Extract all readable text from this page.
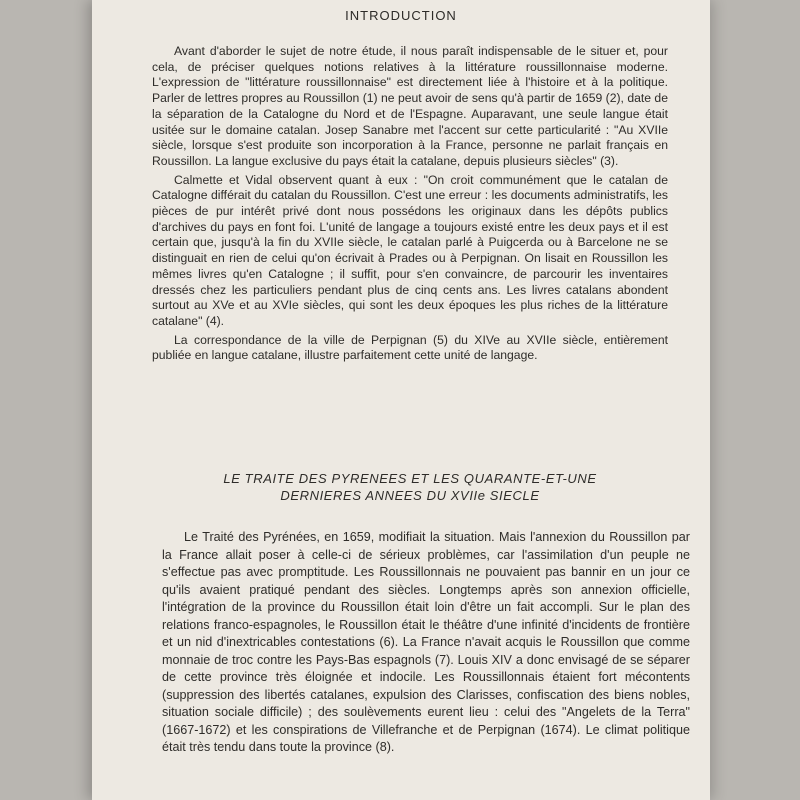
INTRODUCTION

Avant d'aborder le sujet de notre étude, il nous paraît indispensable de le situer et, pour cela, de préciser quelques notions relatives à la littérature roussillonnaise moderne. L'expression de "littérature roussillonnaise" est directement liée à l'histoire et à la politique. Parler de lettres propres au Roussillon (1) ne peut avoir de sens qu'à partir de 1659 (2), date de la séparation de la Catalogne du Nord et de l'Espagne. Auparavant, une seule langue était usitée sur le domaine catalan. Josep Sanabre met l'accent sur cette particularité : "Au XVIIe siècle, lorsque s'est produite son incorporation à la France, personne ne parlait français en Roussillon. La langue exclusive du pays était la catalane, depuis plusieurs siècles" (3).

Calmette et Vidal observent quant à eux : "On croit communément que le catalan de Catalogne différait du catalan du Roussillon. C'est une erreur : les documents administratifs, les pièces de pur intérêt privé dont nous possédons les originaux dans les dépôts publics d'archives du pays en font foi. L'unité de langage a toujours existé entre les deux pays et il est certain que, jusqu'à la fin du XVIIe siècle, le catalan parlé à Puigcerda ou à Barcelone ne se distinguait en rien de celui qu'on écrivait à Prades ou à Perpignan. On lisait en Roussillon les mêmes livres qu'en Catalogne ; il suffit, pour s'en convaincre, de parcourir les inventaires dressés chez les particuliers pendant plus de cinq cents ans. Les livres catalans abondent surtout au XVe et au XVIe siècles, qui sont les deux époques les plus riches de la littérature catalane" (4).

La correspondance de la ville de Perpignan (5) du XIVe au XVIIe siècle, entièrement publiée en langue catalane, illustre parfaitement cette unité de langage.

LE TRAITE DES PYRENEES ET LES QUARANTE-ET-UNE
DERNIERES ANNEES DU XVIIe SIECLE

Le Traité des Pyrénées, en 1659, modifiait la situation. Mais l'annexion du Roussillon par la France allait poser à celle-ci de sérieux problèmes, car l'assimilation d'un peuple ne s'effectue pas avec promptitude. Les Roussillonnais ne pouvaient pas bannir en un jour ce qu'ils avaient pratiqué pendant des siècles. Longtemps après son annexion officielle, l'intégration de la province du Roussillon était loin d'être un fait accompli. Sur le plan des relations franco-espagnoles, le Roussillon était le théâtre d'une infinité d'incidents de frontière et un nid d'inextricables contestations (6). La France n'avait acquis le Roussillon que comme monnaie de troc contre les Pays-Bas espagnols (7). Louis XIV a donc envisagé de se séparer de cette province très éloignée et indocile. Les Roussillonnais étaient fort mécontents (suppression des libertés catalanes, expulsion des Clarisses, confiscation des biens nobles, situation sociale difficile) ; des soulèvements eurent lieu : celui des "Angelets de la Terra" (1667-1672) et les conspirations de Villefranche et de Perpignan (1674). Le climat politique était très tendu dans toute la province (8).
